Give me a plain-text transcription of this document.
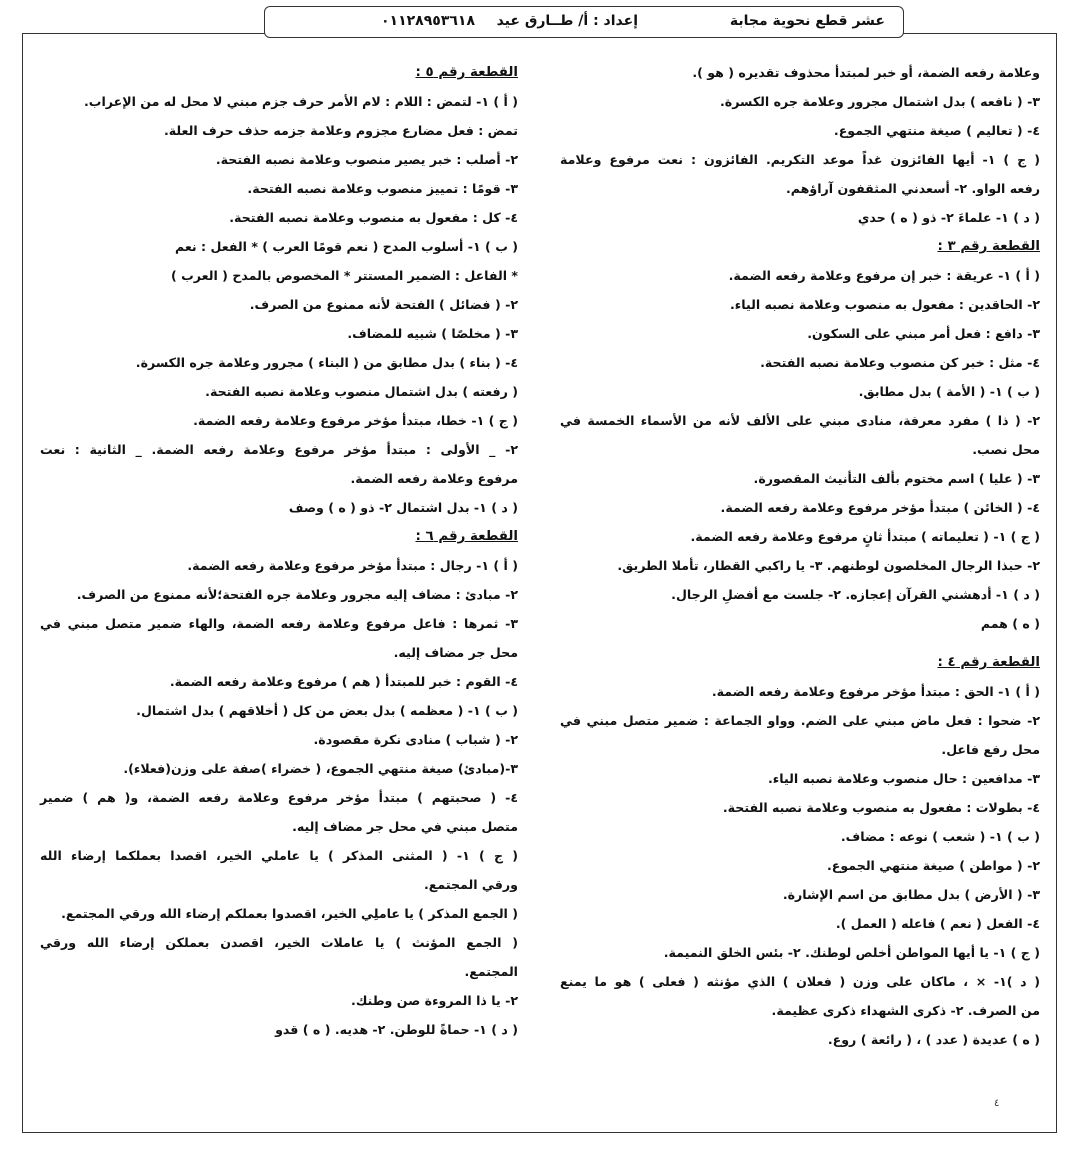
عشر قطع نحوية مجابة
إعداد : أ/ طــارق عيد
٠١١٢٨٩٥٣٦١٨
وعلامة رفعه الضمة، أو خبر لمبتدأ محذوف تقديره ( هو ).
٣- ( نافعه ) بدل اشتمال مجرور وعلامة جره الكسرة.
٤- ( تعاليم ) صيغة منتهي الجموع.
( ج ) ١- أيها الفائزون غداً موعد التكريم. الفائزون : نعت مرفوع وعلامة
رفعه الواو. ٢- أسعدني المثقفون آراؤهم.
( د ) ١- علماءَ ٢- ذو ( ه ) حدي
القطعة رقم ٣ :
( أ ) ١- عريقة : خبر إن مرفوع وعلامة رفعه الضمة.
٢- الحاقدين : مفعول به منصوب وعلامة نصبه الياء.
٣- دافع : فعل أمر مبني على السكون.
٤- مثل : خبر كن منصوب وعلامة نصبه الفتحة.
( ب ) ١- ( الأمة ) بدل مطابق.
٢- ( ذا ) مفرد معرفة، منادى مبني على الألف لأنه من الأسماء الخمسة في
محل نصب.
٣- ( عليا ) اسم مختوم بألف التأنيث المقصورة.
٤- ( الخائن ) مبتدأ مؤخر مرفوع وعلامة رفعه الضمة.
( ج ) ١- ( تعليماته ) مبتدأ ثانٍ مرفوع وعلامة رفعه الضمة.
٢- حبذا الرجال المخلصون لوطنهم. ٣- يا راكبي القطار، تأملا الطريق.
( د ) ١- أدهشني القرآن إعجازه. ٢- جلست مع أفضلِ الرجال.
( ه ) همم
القطعة رقم ٤ :
( أ ) ١- الحق : مبتدأ مؤخر مرفوع وعلامة رفعه الضمة.
٢- ضحوا : فعل ماض مبني على الضم. وواو الجماعة : ضمير متصل مبني في
محل رفع فاعل.
٣- مدافعين : حال منصوب وعلامة نصبه الياء.
٤- بطولات : مفعول به منصوب وعلامة نصبه الفتحة.
( ب ) ١- ( شعب ) نوعه : مضاف.
٢- ( مواطن ) صيغة منتهي الجموع.
٣- ( الأرض ) بدل مطابق من اسم الإشارة.
٤- الفعل ( نعم ) فاعله ( العمل ).
( ج ) ١- يا أيها المواطن أخلص لوطنك. ٢- بئس الخلق النميمة.
( د )١- × ، ماكان على وزن ( فعلان ) الذي مؤنثه ( فعلى ) هو ما يمنع
من الصرف. ٢- ذكرى الشهداء ذكرى عظيمة.
( ه ) عديدة ( عدد ) ، ( رائعة ) روع.
القطعة رقم ٥ :
( أ ) ١- لتمض : اللام : لام الأمر حرف جزم مبني لا محل له من الإعراب.
تمض : فعل مضارع مجزوم وعلامة جزمه حذف حرف العلة.
٢- أصلب : خبر يصير منصوب وعلامة نصبه الفتحة.
٣- قومًا : تمييز منصوب وعلامة نصبه الفتحة.
٤- كل : مفعول به منصوب وعلامة نصبه الفتحة.
( ب ) ١- أسلوب المدح ( نعم قومًا العرب ) * الفعل : نعم
* الفاعل : الضمير المستتر * المخصوص بالمدح ( العرب )
٢- ( فضائل ) الفتحة لأنه ممنوع من الصرف.
٣- ( مخلصًا ) شبيه للمضاف.
٤- ( بناء ) بدل مطابق من ( البناء ) مجرور وعلامة جره الكسرة.
( رفعته ) بدل اشتمال منصوب وعلامة نصبه الفتحة.
( ج ) ١- خطا، مبتدأ مؤخر مرفوع وعلامة رفعه الضمة.
٢- _ الأولى : مبتدأ مؤخر مرفوع وعلامة رفعه الضمة. _ الثانية : نعت
مرفوع وعلامة رفعه الضمة.
( د ) ١- بدل اشتمال ٢- ذو ( ه ) وصف
القطعة رقم ٦ :
( أ ) ١- رجال : مبتدأ مؤخر مرفوع وعلامة رفعه الضمة.
٢- مبادئ : مضاف إليه مجرور وعلامة جره الفتحة؛لأنه ممنوع من الصرف.
٣- ثمرها : فاعل مرفوع وعلامة رفعه الضمة، والهاء ضمير متصل مبني في
محل جر مضاف إليه.
٤- القوم : خبر للمبتدأ ( هم ) مرفوع وعلامة رفعه الضمة.
( ب ) ١- ( معظمه ) بدل بعض من كل ( أخلاقهم ) بدل اشتمال.
٢- ( شباب ) منادى نكرة مقصودة.
٣-(مبادئ) صيغة منتهي الجموع، ( خضراء )صفة على وزن(فعلاء).
٤- ( صحبتهم ) مبتدأ مؤخر مرفوع وعلامة رفعه الضمة، و( هم ) ضمير
متصل مبني في محل جر مضاف إليه.
( ج ) ١- ( المثنى المذكر ) يا عاملي الخير، اقصدا بعملكما إرضاء الله
ورقي المجتمع.
( الجمع المذكر ) يا عاملِي الخير، اقصدوا بعملكم إرضاء الله ورقي المجتمع.
( الجمع المؤنث ) يا عاملات الخير، اقصدن بعملكن إرضاء الله ورقي
المجتمع.
٢- يا ذا المروءة صن وطنك.
( د ) ١- حماةً للوطن. ٢- هديه. ( ه ) قدو
٤
